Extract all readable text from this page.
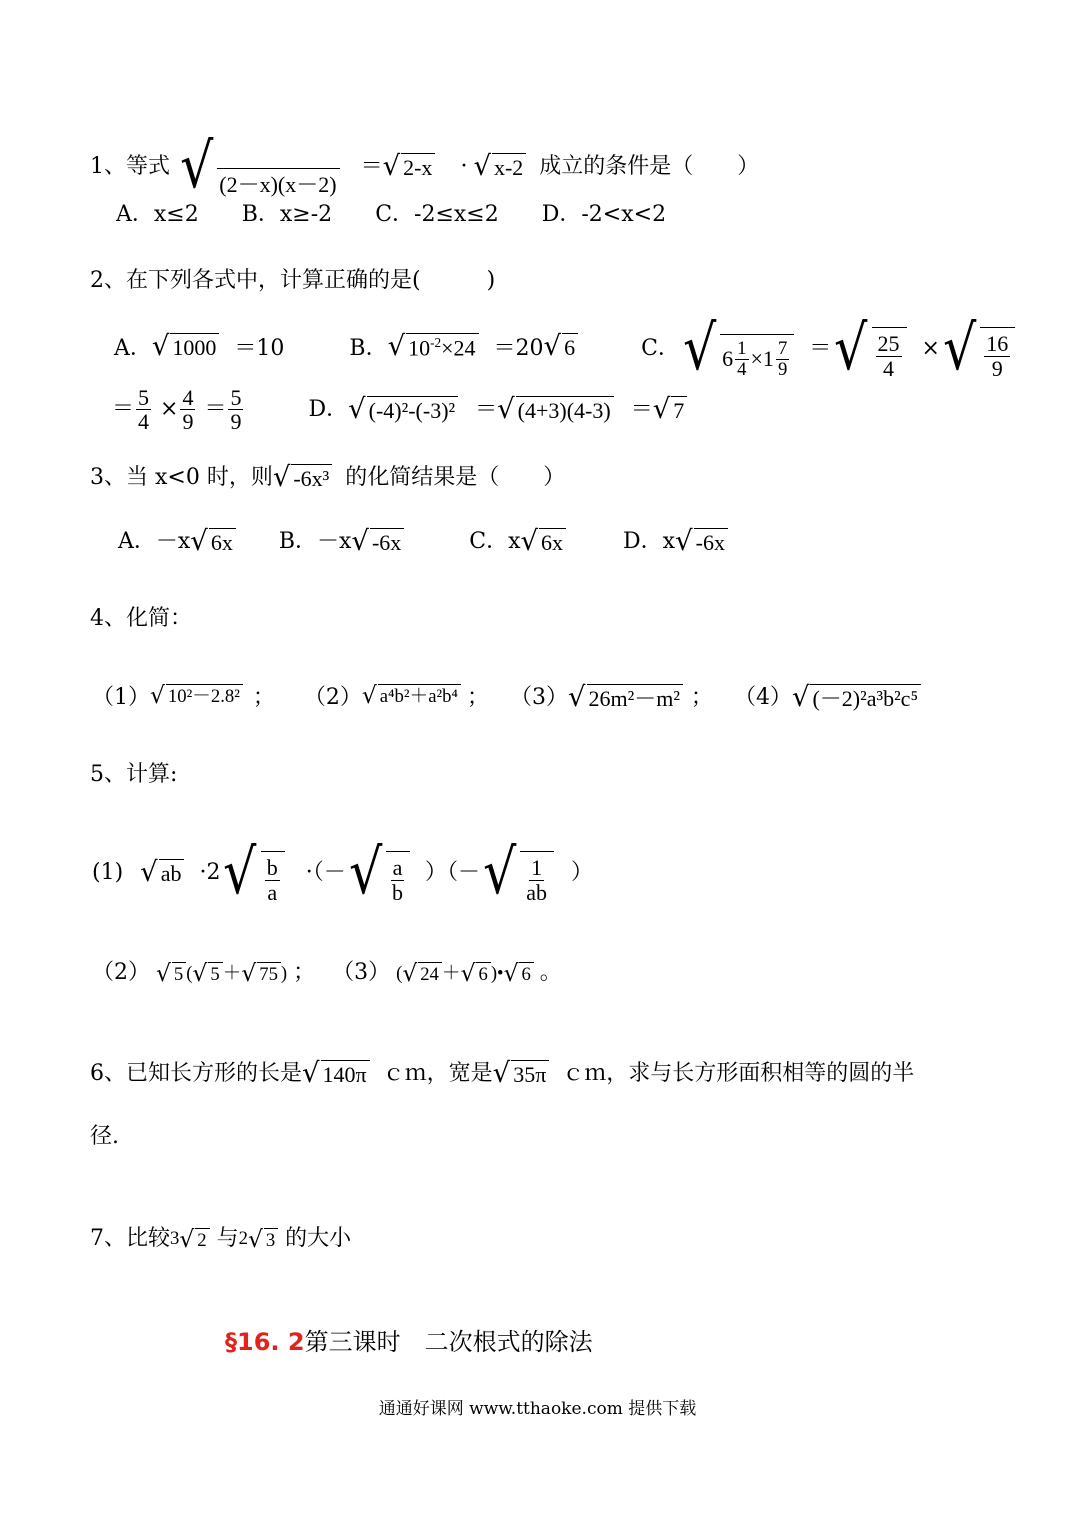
1、等式 √ (2－x)(x－2)
＝ √ 2-x · √ x-2 成立的条件是（　　）
A．x≤2 B．x≥-2 C．-2≤x≤2 D．-2<x<2
2、在下列各式中，计算正确的是(　　　)
A． √ 1000 ＝10	B． √ $10^{-2}\times 24 =20$ √ 6	C． √ $6 \frac{1}{4} \times 1 \frac{7}{9}$ ＝ √ $\frac{25}{4}$ × √ $\frac{16}{9}$
＝ $\frac{5}{4} \times \frac{4}{9} = \frac{5}{9}$	D． √ (-4)²-(-3)² ＝ √ (4+3)(4-3) ＝ √ 7
3、当 x<0 时，则 √ -6x³ 的化简结果是（　　）
A．－x √ 6x B．－x √ -6x	C．x √ 6x	D．x √ -6x
4、化简：
（1） √ 10²－2.8² ； （2） √ a⁴b²＋a²b⁴ ； （3） √ 26m²－m² ； （4） √ (－2)²a³b²c⁵
5、计算:
(1) √ ab ·2 √ $\frac{b}{a}$ ·（－ √ $\frac{a}{b}$ ）（－ √ $\frac{1}{ab}$ ）
（2） $^{√ 5 ( √ 5 + √ 75 )}$ ； （3） $^{( √ 24 + √ 6 )• √ 6}$ 。
6、已知长方形的长是 √ 140π ｃｍ，宽是 √ 35π ｃｍ，求与长方形面积相等的圆的半
径.
7、比较$^{3 √ 2}$ 与$^{2 √ 3}$ 的大小
§16. 2第三课时　二次根式的除法
通通好课网 www.tthaoke.com 提供下载
